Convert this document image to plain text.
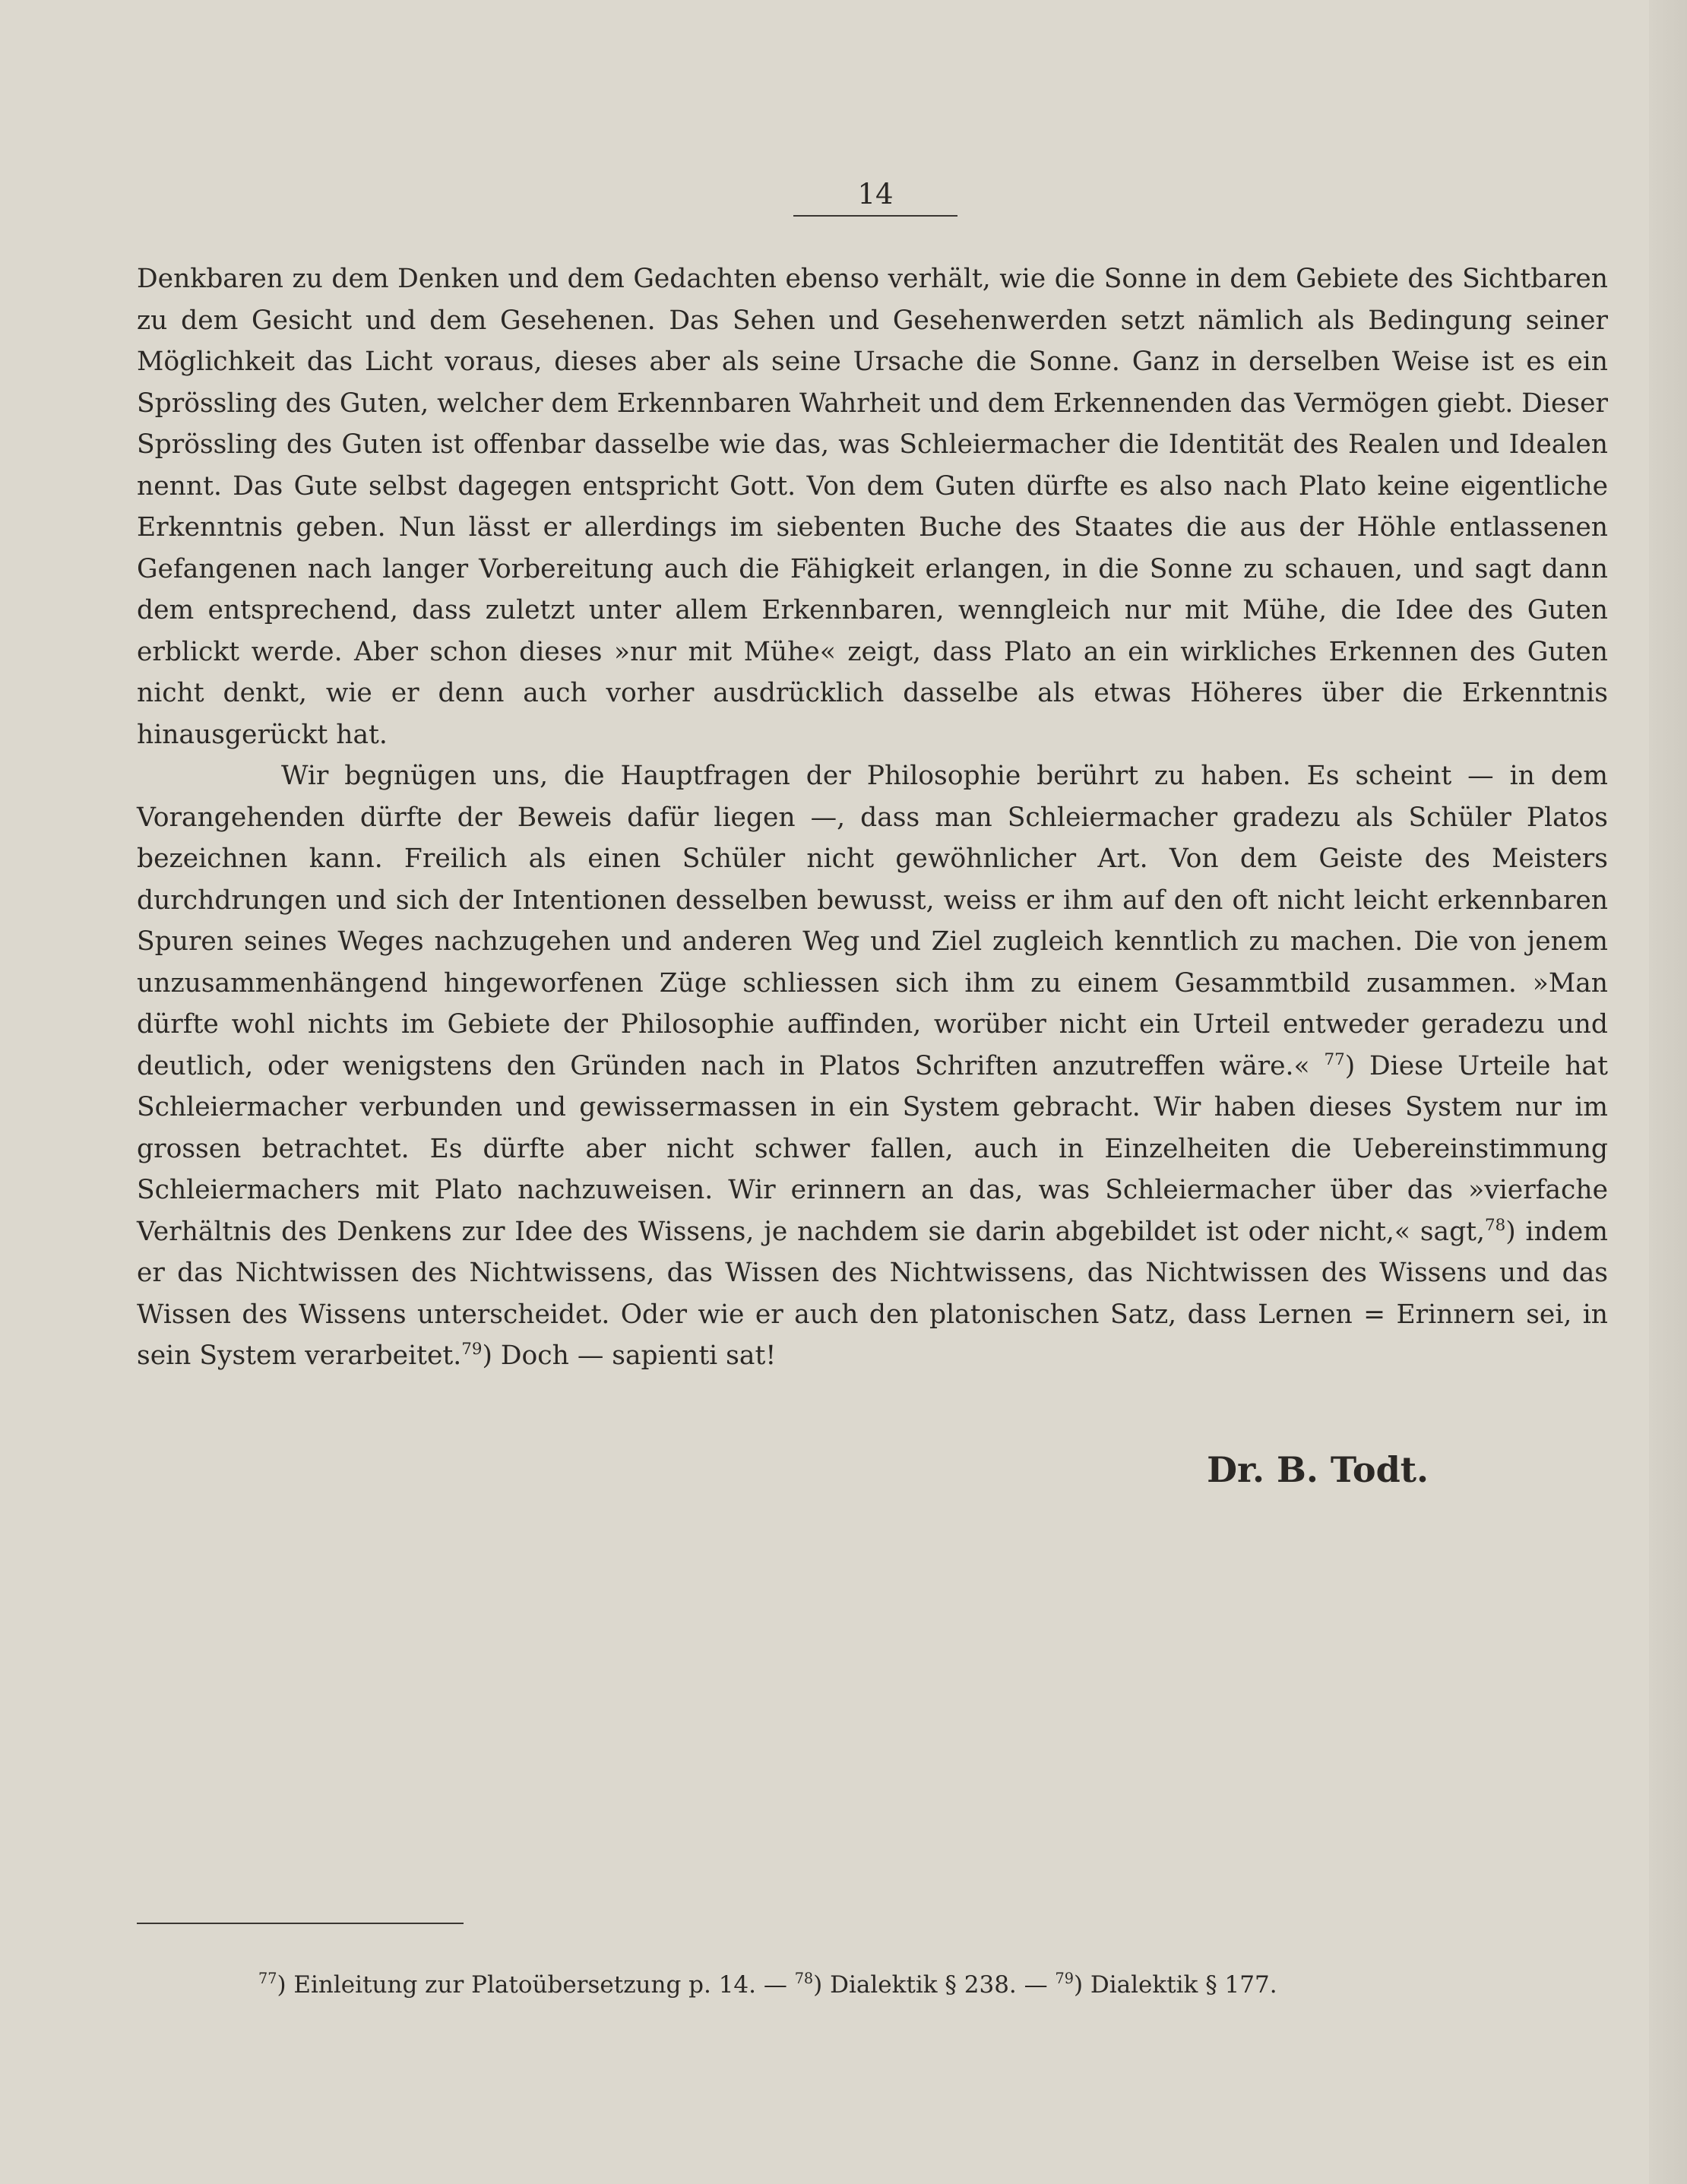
14

Denkbaren zu dem Denken und dem Gedachten ebenso verhält, wie die Sonne in dem Gebiete des Sichtbaren zu dem Gesicht und dem Gesehenen. Das Sehen und Gesehenwerden setzt nämlich als Bedingung seiner Möglichkeit das Licht voraus, dieses aber als seine Ursache die Sonne. Ganz in derselben Weise ist es ein Sprössling des Guten, welcher dem Erkennbaren Wahrheit und dem Erkennenden das Vermögen giebt. Dieser Sprössling des Guten ist offenbar dasselbe wie das, was Schleiermacher die Identität des Realen und Idealen nennt. Das Gute selbst dagegen entspricht Gott. Von dem Guten dürfte es also nach Plato keine eigentliche Erkenntnis geben. Nun lässt er allerdings im siebenten Buche des Staates die aus der Höhle entlassenen Gefangenen nach langer Vorbereitung auch die Fähigkeit erlangen, in die Sonne zu schauen, und sagt dann dem entsprechend, dass zuletzt unter allem Erkennbaren, wenngleich nur mit Mühe, die Idee des Guten erblickt werde. Aber schon dieses »nur mit Mühe« zeigt, dass Plato an ein wirkliches Erkennen des Guten nicht denkt, wie er denn auch vorher ausdrücklich dasselbe als etwas Höheres über die Erkenntnis hinausgerückt hat.

Wir begnügen uns, die Hauptfragen der Philosophie berührt zu haben. Es scheint — in dem Vorangehenden dürfte der Beweis dafür liegen —, dass man Schleiermacher gradezu als Schüler Platos bezeichnen kann. Freilich als einen Schüler nicht gewöhnlicher Art. Von dem Geiste des Meisters durchdrungen und sich der Intentionen desselben bewusst, weiss er ihm auf den oft nicht leicht erkennbaren Spuren seines Weges nachzugehen und anderen Weg und Ziel zugleich kenntlich zu machen. Die von jenem unzusammenhängend hingeworfenen Züge schliessen sich ihm zu einem Gesammtbild zusammen. »Man dürfte wohl nichts im Gebiete der Philosophie auffinden, worüber nicht ein Urteil entweder geradezu und deutlich, oder wenigstens den Gründen nach in Platos Schriften anzutreffen wäre.« $^{77}$) Diese Urteile hat Schleiermacher verbunden und gewissermassen in ein System gebracht. Wir haben dieses System nur im grossen betrachtet. Es dürfte aber nicht schwer fallen, auch in Einzelheiten die Uebereinstimmung Schleiermachers mit Plato nachzuweisen. Wir erinnern an das, was Schleiermacher über das »vierfache Verhältnis des Denkens zur Idee des Wissens, je nachdem sie darin abgebildet ist oder nicht,« sagt,$^{78}$) indem er das Nichtwissen des Nichtwissens, das Wissen des Nichtwissens, das Nichtwissen des Wissens und das Wissen des Wissens unterscheidet. Oder wie er auch den platonischen Satz, dass Lernen = Erinnern sei, in sein System verarbeitet.$^{79}$) Doch — sapienti sat!

Dr. B. Todt.
$^{77}$) Einleitung zur Platoübersetzung p. 14. — $^{78}$) Dialektik § 238. — $^{79}$) Dialektik § 177.
